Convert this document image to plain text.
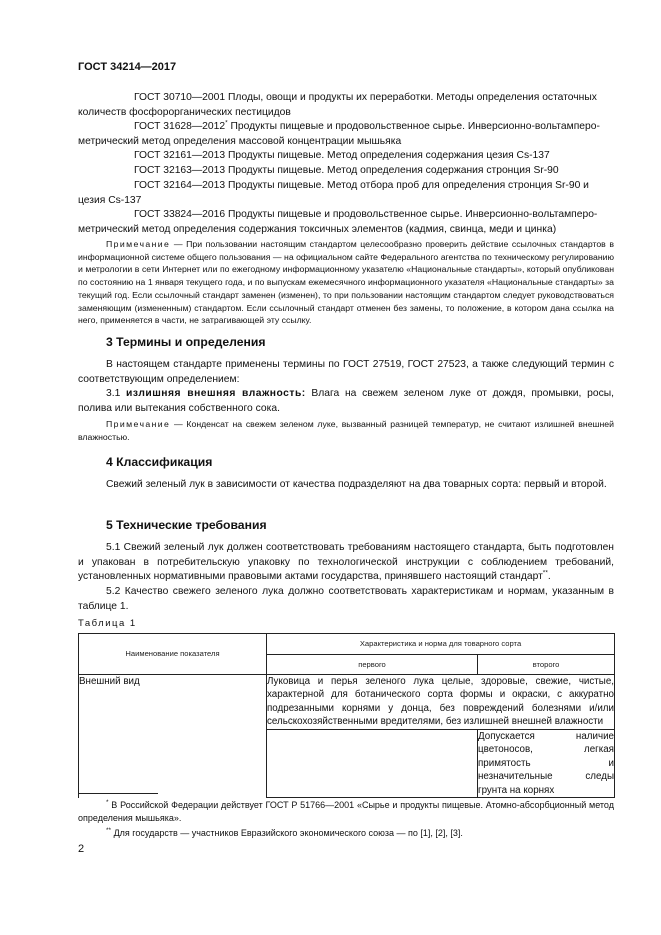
ГОСТ 34214—2017

ГОСТ 30710—2001 Плоды, овощи и продукты их переработки. Методы определения остаточных
количеств фосфорорганических пестицидов

ГОСТ 31628—2012* Продукты пищевые и продовольственное сырье. Инверсионно-вольтамперо-
метрический метод определения массовой концентрации мышьяка

ГОСТ 32161—2013 Продукты пищевые. Метод определения содержания цезия Cs-137

ГОСТ 32163—2013 Продукты пищевые. Метод определения содержания стронция Sr-90

ГОСТ 32164—2013 Продукты пищевые. Метод отбора проб для определения стронция Sr-90 и
цезия Cs-137

ГОСТ 33824—2016 Продукты пищевые и продовольственное сырье. Инверсионно-вольтамперо-
метрический метод определения содержания токсичных элементов (кадмия, свинца, меди и цинка)

Примечание — При пользовании настоящим стандартом целесообразно проверить действие ссылочных стандартов в информационной системе общего пользования — на официальном сайте Федерального агентства по техническому регулированию и метрологии в сети Интернет или по ежегодному информационному указателю «Национальные стандарты», который опубликован по состоянию на 1 января текущего года, и по выпускам ежемесячного информационного указателя «Национальные стандарты» за текущий год. Если ссылочный стандарт заменен (изменен), то при пользовании настоящим стандартом следует руководствоваться заменяющим (измененным) стандартом. Если ссылочный стандарт отменен без замены, то положение, в котором дана ссылка на него, применяется в части, не затрагивающей эту ссылку.

3 Термины и определения

В настоящем стандарте применены термины по ГОСТ 27519, ГОСТ 27523, а также следующий термин с соответствующим определением:

3.1 излишняя внешняя влажность: Влага на свежем зеленом луке от дождя, промывки, росы, полива или вытекания собственного сока.

Примечание — Конденсат на свежем зеленом луке, вызванный разницей температур, не считают излишней внешней влажностью.

4 Классификация

Свежий зеленый лук в зависимости от качества подразделяют на два товарных сорта: первый и второй.

5 Технические требования

5.1 Свежий зеленый лук должен соответствовать требованиям настоящего стандарта, быть подготовлен и упакован в потребительскую упаковку по технологической инструкции с соблюдением требований, установленных нормативными правовыми актами государства, принявшего настоящий стандарт**.

5.2 Качество свежего зеленого лука должно соответствовать характеристикам и нормам, указанным в таблице 1.

Таблица 1

Наименование показателя	Характеристика и норма для товарного сорта	
	первого	второго
Внешний вид	Луковица и перья зеленого лука целые, здоровые, свежие, чистые, характерной для ботанического сорта формы и окраски, с аккуратно подрезанными корнями у донца, без повреждений болезнями и/или сельскохозяйственными вредителями, без излишней внешней влажности	
		Допускается наличие цветоносов, легкая примятость и незначительные следы грунта на корнях

* В Российской Федерации действует ГОСТ Р 51766—2001 «Сырье и продукты пищевые. Атомно-абсорбционный метод определения мышьяка».

** Для государств — участников Евразийского экономического союза — по [1], [2], [3].

2
